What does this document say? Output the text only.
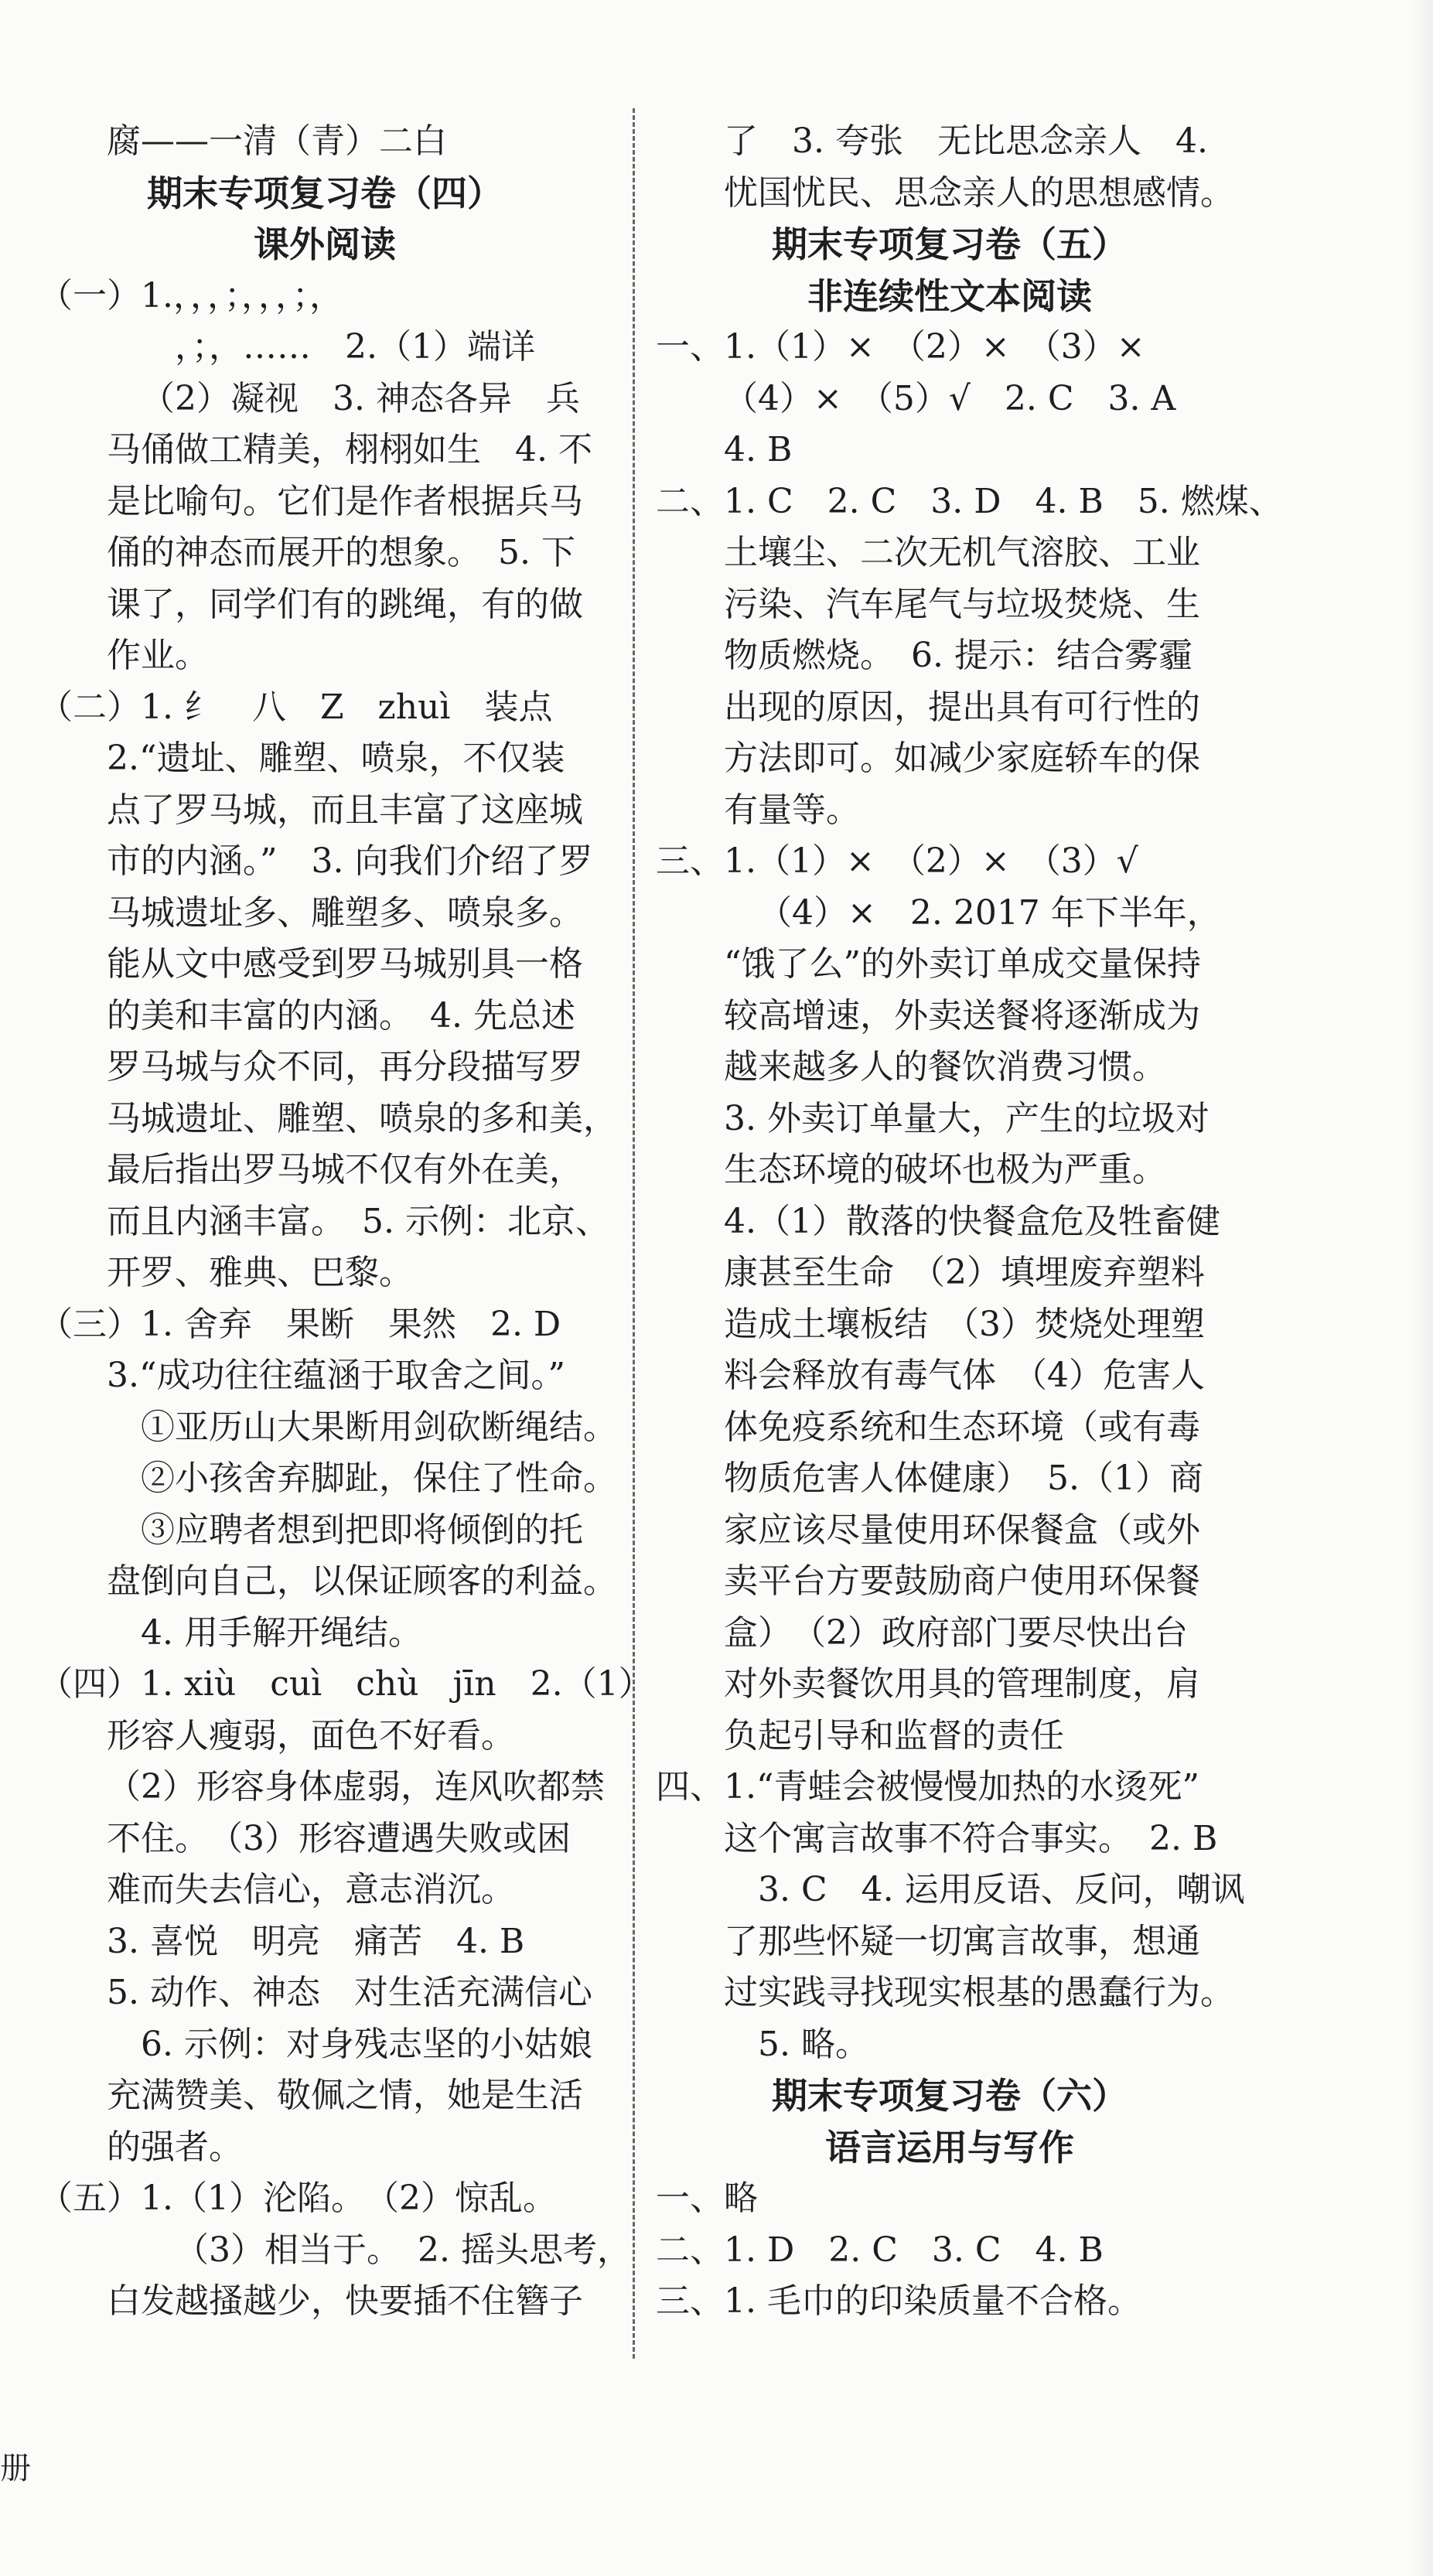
腐——一清（青）二白
期末专项复习卷（四）
课外阅读
（一）1.，，，；，，，；，
，；，……　2.（1）端详
（2）凝视　3. 神态各异　兵
马俑做工精美，栩栩如生　4. 不
是比喻句。它们是作者根据兵马
俑的神态而展开的想象。　5. 下
课了，同学们有的跳绳，有的做
作业。
（二）1. 纟　八　Z　zhuì　装点
2.“遗址、雕塑、喷泉，不仅装
点了罗马城，而且丰富了这座城
市的内涵。”　3. 向我们介绍了罗
马城遗址多、雕塑多、喷泉多。
能从文中感受到罗马城别具一格
的美和丰富的内涵。　4. 先总述
罗马城与众不同，再分段描写罗
马城遗址、雕塑、喷泉的多和美，
最后指出罗马城不仅有外在美，
而且内涵丰富。　5. 示例：北京、
开罗、雅典、巴黎。
（三）1. 舍弃　果断　果然　2. D
3.“成功往往蕴涵于取舍之间。”
①亚历山大果断用剑砍断绳结。
②小孩舍弃脚趾，保住了性命。
③应聘者想到把即将倾倒的托
盘倒向自己，以保证顾客的利益。
4. 用手解开绳结。
（四）1. xiù　cuì　chù　jīn　2.（1）
形容人瘦弱，面色不好看。
（2）形容身体虚弱，连风吹都禁
不住。　（3）形容遭遇失败或困
难而失去信心，意志消沉。
3. 喜悦　明亮　痛苦　4. B
5. 动作、神态　对生活充满信心
6. 示例：对身残志坚的小姑娘
充满赞美、敬佩之情，她是生活
的强者。
（五）1.（1）沦陷。　（2）惊乱。
（3）相当于。　2. 摇头思考，
白发越搔越少，快要插不住簪子
了　3. 夸张　无比思念亲人　4.
忧国忧民、思念亲人的思想感情。
期末专项复习卷（五）
非连续性文本阅读
一、1.（1）×　（2）×　（3）×
（4）×　（5）√　2. C　3. A
4. B
二、1. C　2. C　3. D　4. B　5. 燃煤、
土壤尘、二次无机气溶胶、工业
污染、汽车尾气与垃圾焚烧、生
物质燃烧。　6. 提示：结合雾霾
出现的原因，提出具有可行性的
方法即可。如减少家庭轿车的保
有量等。
三、1.（1）×　（2）×　（3）√
（4）×　2. 2017 年下半年，
“饿了么”的外卖订单成交量保持
较高增速，外卖送餐将逐渐成为
越来越多人的餐饮消费习惯。
3. 外卖订单量大，产生的垃圾对
生态环境的破坏也极为严重。
4.（1）散落的快餐盒危及牲畜健
康甚至生命　（2）填埋废弃塑料
造成土壤板结　（3）焚烧处理塑
料会释放有毒气体　（4）危害人
体免疫系统和生态环境（或有毒
物质危害人体健康）　5.（1）商
家应该尽量使用环保餐盒（或外
卖平台方要鼓励商户使用环保餐
盒）　（2）政府部门要尽快出台
对外卖餐饮用具的管理制度，肩
负起引导和监督的责任
四、1.“青蛙会被慢慢加热的水烫死”
这个寓言故事不符合事实。　2. B
3. C　4. 运用反语、反问，嘲讽
了那些怀疑一切寓言故事，想通
过实践寻找现实根基的愚蠢行为。
5. 略。
期末专项复习卷（六）
语言运用与写作
一、略
二、1. D　2. C　3. C　4. B
三、1. 毛巾的印染质量不合格。
册
